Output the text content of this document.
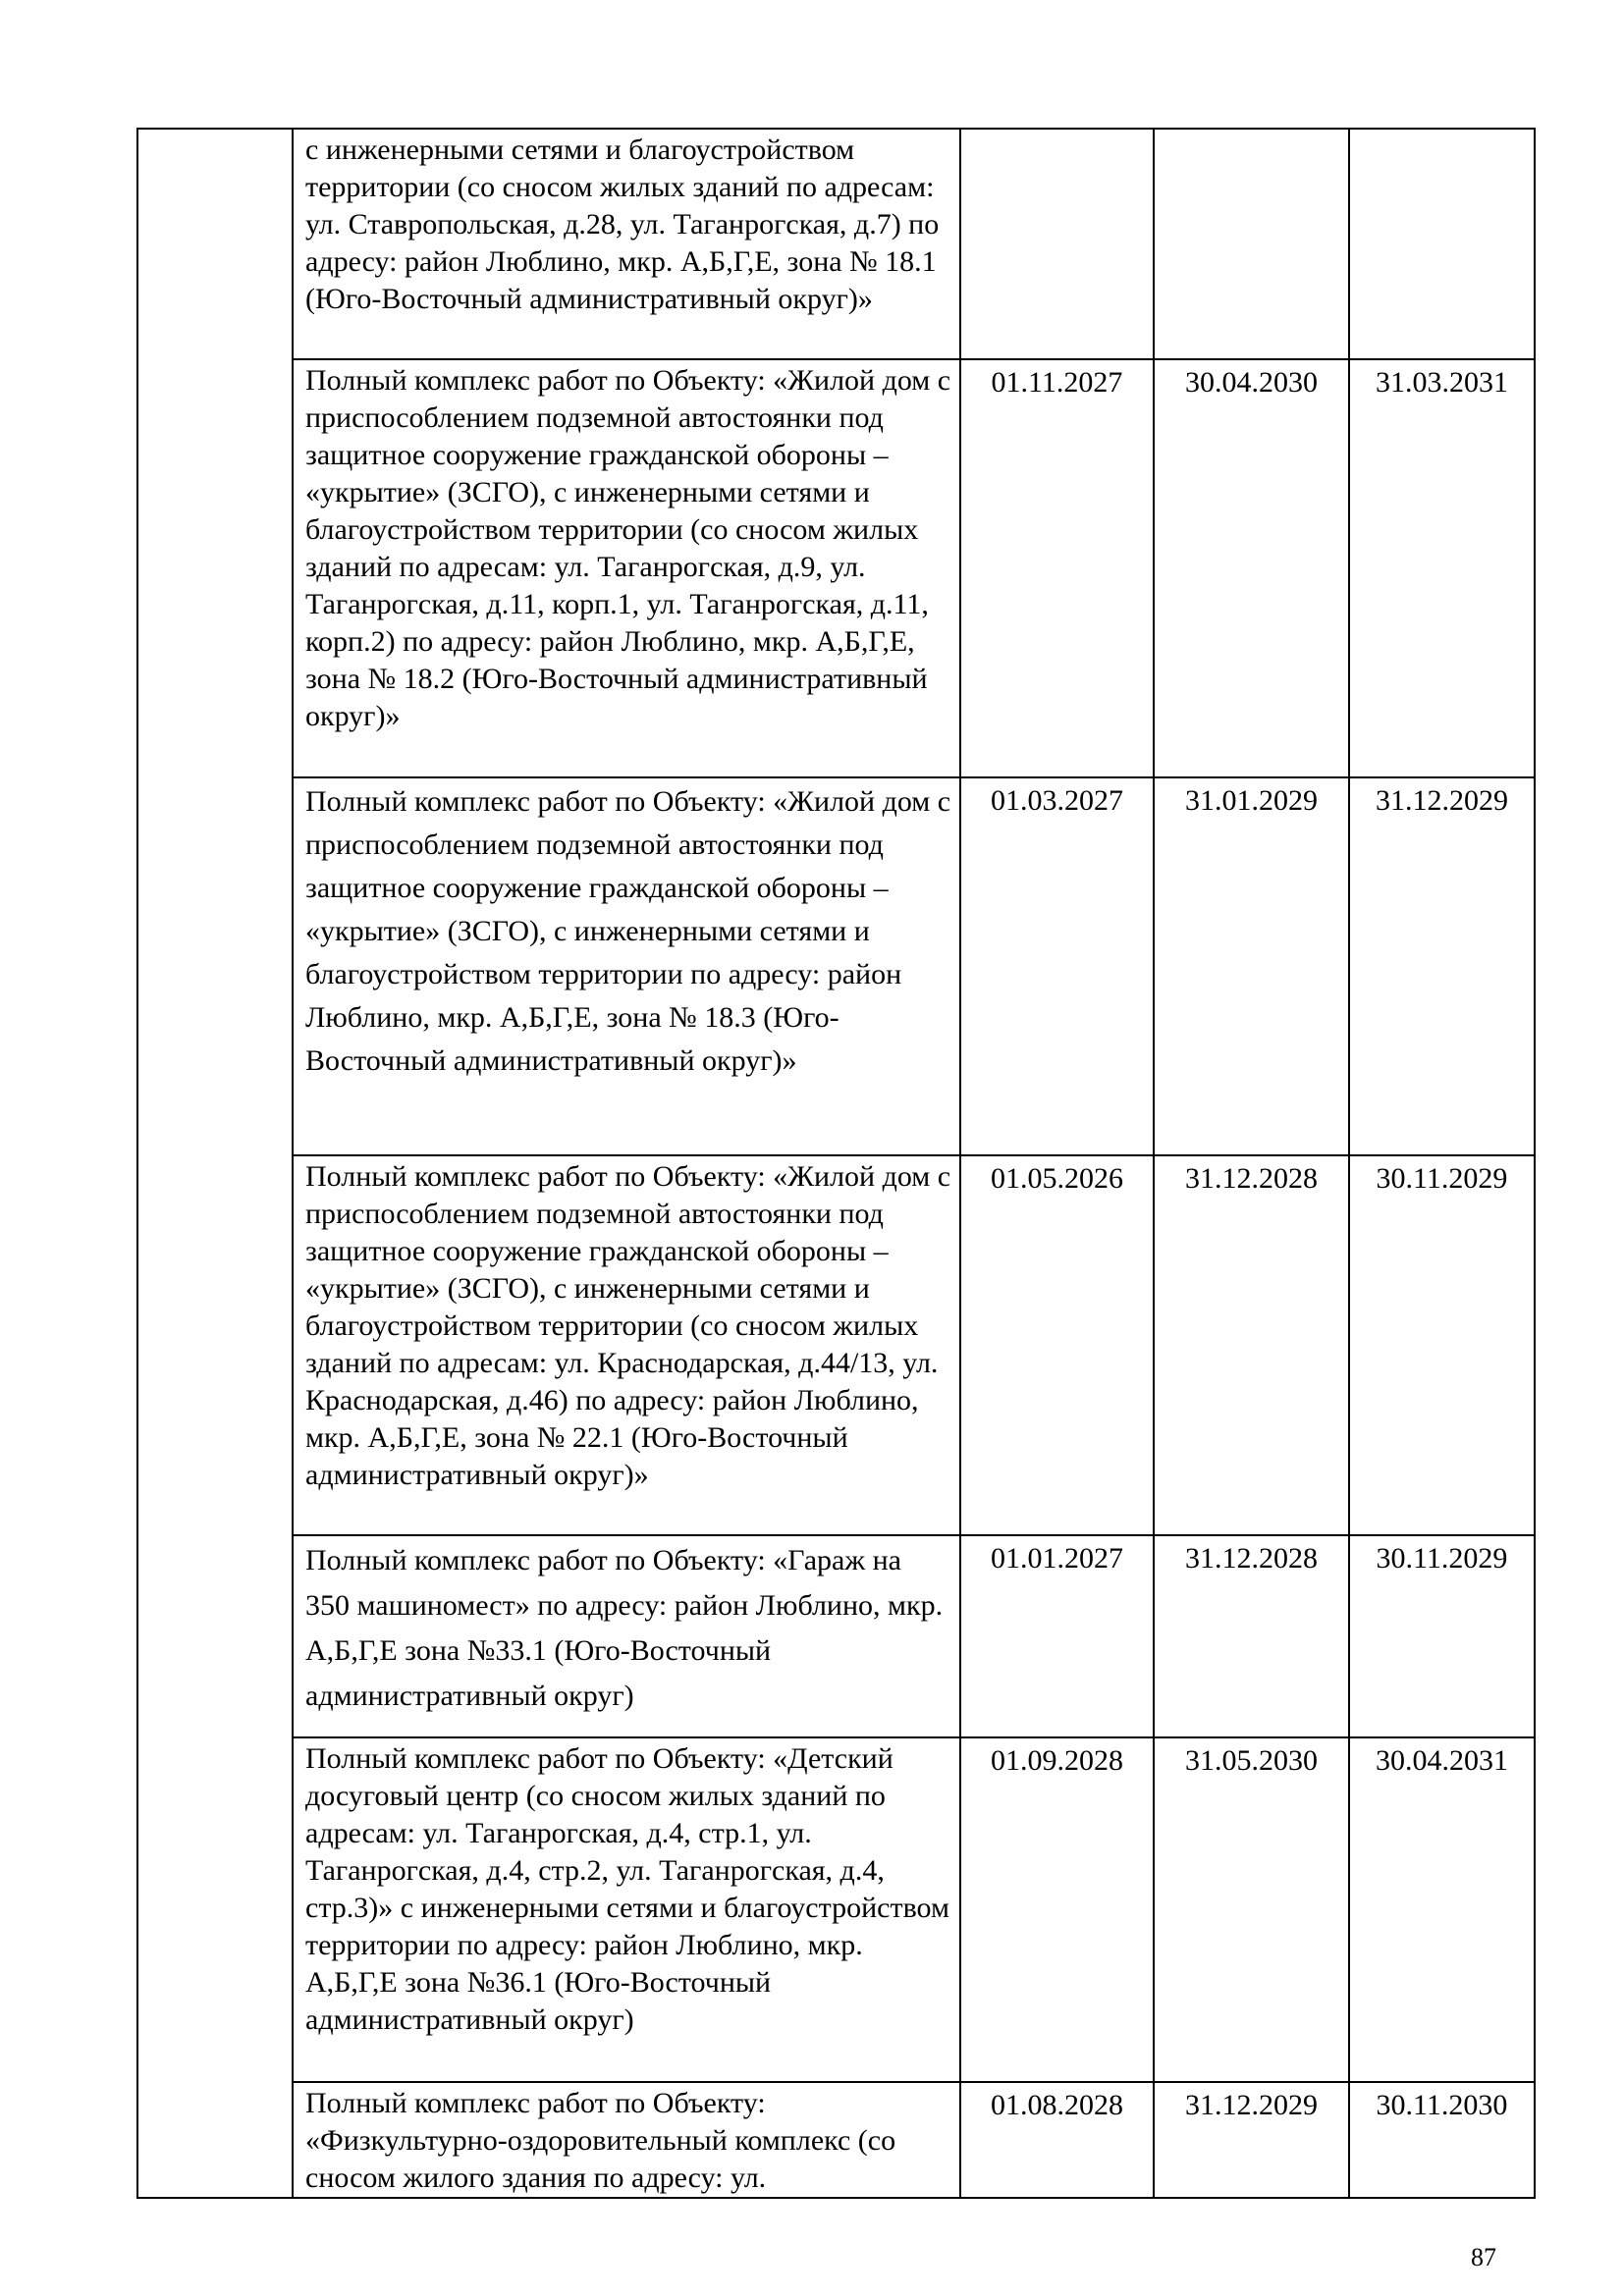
	с инженерными сетями и благоустройством территории (со сносом жилых зданий по адресам: ул. Ставропольская, д.28, ул. Таганрогская, д.7) по адресу: район Люблино, мкр. А,Б,Г,Е, зона № 18.1 (Юго-Восточный административный округ)»			
	Полный комплекс работ по Объекту: «Жилой дом с приспособлением подземной автостоянки под защитное сооружение гражданской обороны – «укрытие» (ЗСГО), с инженерными сетями и благоустройством территории (со сносом жилых зданий по адресам: ул. Таганрогская, д.9, ул. Таганрогская, д.11, корп.1, ул. Таганрогская, д.11, корп.2) по адресу: район Люблино, мкр. А,Б,Г,Е, зона № 18.2 (Юго-Восточный административный округ)»	01.11.2027	30.04.2030	31.03.2031
	Полный комплекс работ по Объекту: «Жилой дом с приспособлением подземной автостоянки под защитное сооружение гражданской обороны – «укрытие» (ЗСГО), с инженерными сетями и благоустройством территории по адресу: район Люблино, мкр. А,Б,Г,Е, зона № 18.3 (Юго-Восточный административный округ)»	01.03.2027	31.01.2029	31.12.2029
	Полный комплекс работ по Объекту: «Жилой дом с приспособлением подземной автостоянки под защитное сооружение гражданской обороны – «укрытие» (ЗСГО), с инженерными сетями и благоустройством территории (со сносом жилых зданий по адресам: ул. Краснодарская, д.44/13, ул. Краснодарская, д.46) по адресу: район Люблино, мкр. А,Б,Г,Е, зона № 22.1 (Юго-Восточный административный округ)»	01.05.2026	31.12.2028	30.11.2029
	Полный комплекс работ по Объекту: «Гараж на 350 машиномест» по адресу: район Люблино, мкр. А,Б,Г,Е зона №33.1 (Юго-Восточный административный округ)	01.01.2027	31.12.2028	30.11.2029
	Полный комплекс работ по Объекту: «Детский досуговый центр (со сносом жилых зданий по адресам: ул. Таганрогская, д.4, стр.1, ул. Таганрогская, д.4, стр.2, ул. Таганрогская, д.4, стр.3)» с инженерными сетями и благоустройством территории по адресу: район Люблино, мкр. А,Б,Г,Е зона №36.1 (Юго-Восточный административный округ)	01.09.2028	31.05.2030	30.04.2031
	Полный комплекс работ по Объекту: «Физкультурно-оздоровительный комплекс (со сносом жилого здания по адресу: ул.	01.08.2028	31.12.2029	30.11.2030
87
